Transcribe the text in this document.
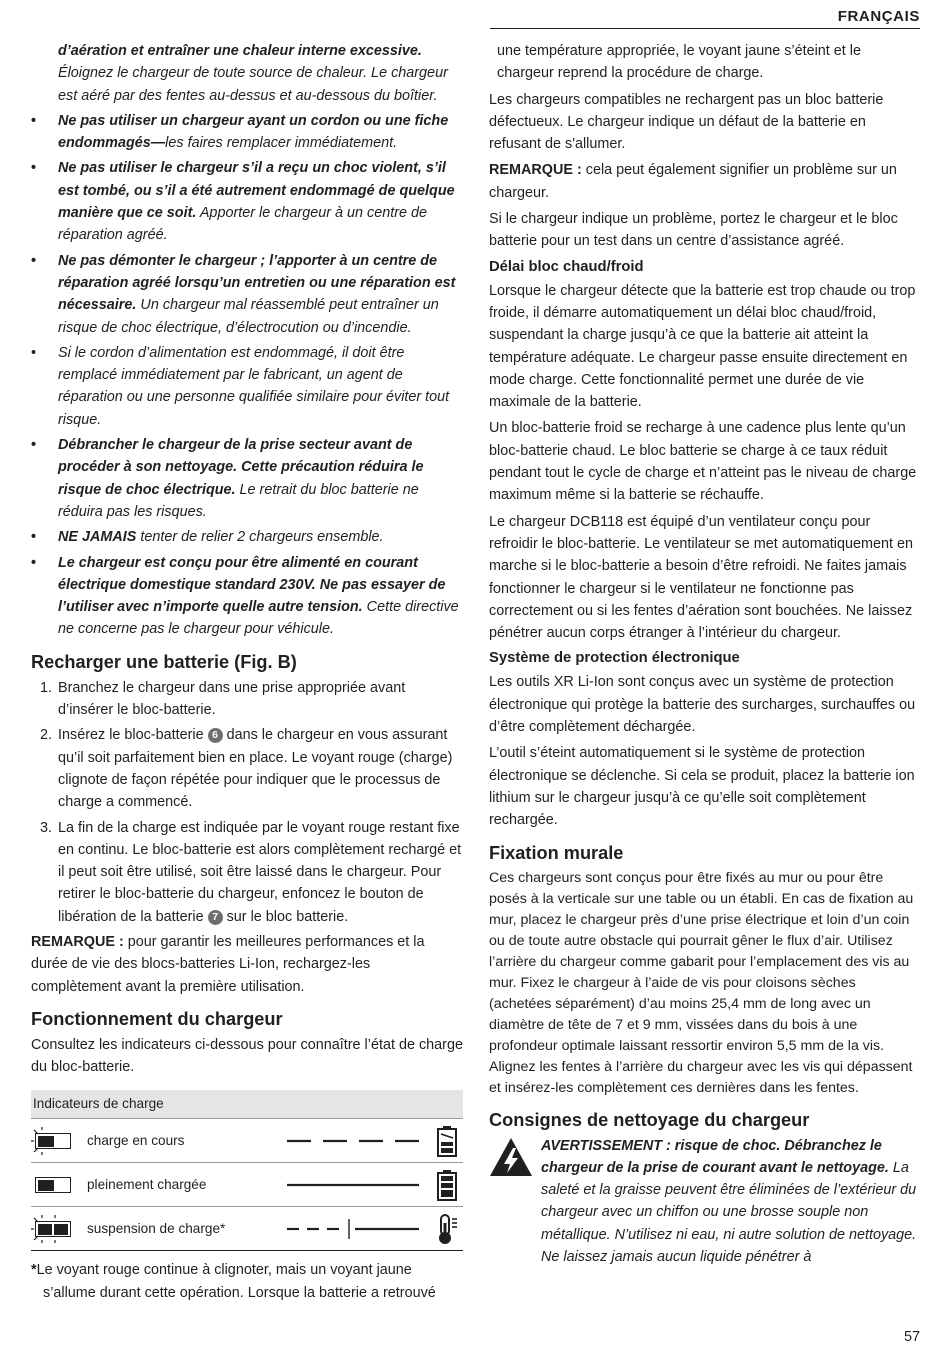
FRANÇAIS

d’aération et entraîner une chaleur interne excessive. Éloignez le chargeur de toute source de chaleur. Le chargeur est aéré par des fentes au-dessus et au-dessous du boîtier.

• Ne pas utiliser un chargeur ayant un cordon ou une fiche endommagés—les faires remplacer immédiatement.
• Ne pas utiliser le chargeur s’il a reçu un choc violent, s’il est tombé, ou s’il a été autrement endommagé de quelque manière que ce soit. Apporter le chargeur à un centre de réparation agréé.
• Ne pas démonter le chargeur ; l’apporter à un centre de réparation agréé lorsqu’un entretien ou une réparation est nécessaire. Un chargeur mal réassemblé peut entraîner un risque de choc électrique, d’électrocution ou d’incendie.
• Si le cordon d’alimentation est endommagé, il doit être remplacé immédiatement par le fabricant, un agent de réparation ou une personne qualifiée similaire pour éviter tout risque.
• Débrancher le chargeur de la prise secteur avant de procéder à son nettoyage. Cette précaution réduira le risque de choc électrique. Le retrait du bloc batterie ne réduira pas les risques.
• NE JAMAIS tenter de relier 2 chargeurs ensemble.
• Le chargeur est conçu pour être alimenté en courant électrique domestique standard 230V. Ne pas essayer de l’utiliser avec n’importe quelle autre tension. Cette directive ne concerne pas le chargeur pour véhicule.
Recharger une batterie (Fig. B)
1. Branchez le chargeur dans une prise appropriée avant d’insérer le bloc-batterie.
2. Insérez le bloc-batterie 6 dans le chargeur en vous assurant qu’il soit parfaitement bien en place. Le voyant rouge (charge) clignote de façon répétée pour indiquer que le processus de charge a commencé.
3. La fin de la charge est indiquée par le voyant rouge restant fixe en continu. Le bloc-batterie est alors complètement rechargé et il peut soit être utilisé, soit être laissé dans le chargeur. Pour retirer le bloc-batterie du chargeur, enfoncez le bouton de libération de la batterie 7 sur le bloc batterie.

REMARQUE : pour garantir les meilleures performances et la durée de vie des blocs-batteries Li-Ion, rechargez-les complètement avant la première utilisation.

Fonctionnement du chargeur

Consultez les indicateurs ci-dessous pour connaître l’état de charge du bloc-batterie.

Indicateurs de charge
charge en cours
pleinement chargée
suspension de charge*

*Le voyant rouge continue à clignoter, mais un voyant jaune s’allume durant cette opération. Lorsque la batterie a retrouvé

une température appropriée, le voyant jaune s’éteint et le chargeur reprend la procédure de charge.

Les chargeurs compatibles ne rechargent pas un bloc batterie défectueux. Le chargeur indique un défaut de la batterie en refusant de s'allumer.

REMARQUE : cela peut également signifier un problème sur un chargeur.

Si le chargeur indique un problème, portez le chargeur et le bloc batterie pour un test dans un centre d’assistance agréé.

Délai bloc chaud/froid

Lorsque le chargeur détecte que la batterie est trop chaude ou trop froide, il démarre automatiquement un délai bloc chaud/froid, suspendant la charge jusqu’à ce que la batterie ait atteint la température adéquate. Le chargeur passe ensuite directement en mode charge. Cette fonctionnalité permet une durée de vie maximale de la batterie.

Un bloc-batterie froid se recharge à une cadence plus lente qu’un bloc-batterie chaud. Le bloc batterie se charge à ce taux réduit pendant tout le cycle de charge et n’atteint pas le niveau de charge maximum même si la batterie se réchauffe.

Le chargeur DCB118 est équipé d’un ventilateur conçu pour refroidir le bloc-batterie. Le ventilateur se met automatiquement en marche si le bloc-batterie a besoin d’être refroidi. Ne faites jamais fonctionner le chargeur si le ventilateur ne fonctionne pas correctement ou si les fentes d’aération sont bouchées. Ne laissez pénétrer aucun corps étranger à l’intérieur du chargeur.

Système de protection électronique

Les outils XR Li-Ion sont conçus avec un système de protection électronique qui protège la batterie des surcharges, surchauffes ou d’être complètement déchargée.

L’outil s’éteint automatiquement si le système de protection électronique se déclenche. Si cela se produit, placez la batterie ion lithium sur le chargeur jusqu’à ce qu’elle soit complètement rechargée.

Fixation murale

Ces chargeurs sont conçus pour être fixés au mur ou pour être posés à la verticale sur une table ou un établi. En cas de fixation au mur, placez le chargeur près d’une prise électrique et loin d’un coin ou de toute autre obstacle qui pourrait gêner le flux d’air. Utilisez l’arrière du chargeur comme gabarit pour l’emplacement des vis au mur. Fixez le chargeur à l’aide de vis pour cloisons sèches (achetées séparément) d’au moins 25,4 mm de long avec un diamètre de tête de 7 et 9 mm, vissées dans du bois à une profondeur optimale laissant ressortir environ 5,5 mm de la vis. Alignez les fentes à l’arrière du chargeur avec les vis qui dépassent et insérez-les complètement ces dernières dans les fentes.

Consignes de nettoyage du chargeur

AVERTISSEMENT : risque de choc. Débranchez le chargeur de la prise de courant avant le nettoyage. La saleté et la graisse peuvent être éliminées de l’extérieur du chargeur avec un chiffon ou une brosse souple non métallique. N’utilisez ni eau, ni autre solution de nettoyage. Ne laissez jamais aucun liquide pénétrer à

57
